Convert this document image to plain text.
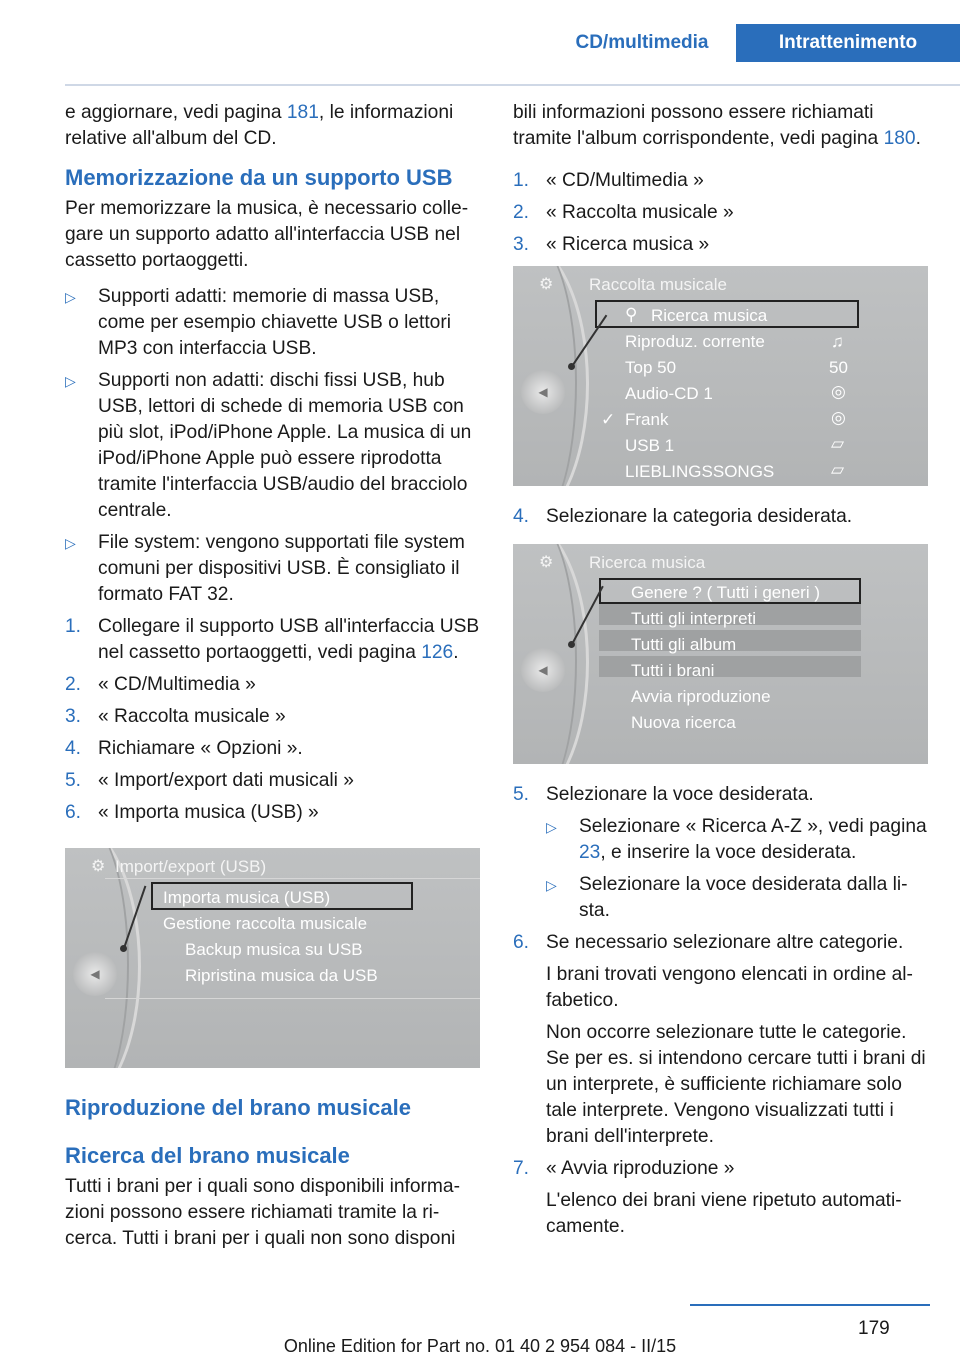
CD/multimedia	Intrattenimento

e aggiornare, vedi pagina 181, le informazioni relative all'album del CD.

Memorizzazione da un supporto USB

Per memorizzare la musica, è necessario collegare un supporto adatto all'interfaccia USB nel cassetto portaoggetti.

▷ Supporti adatti: memorie di massa USB, come per esempio chiavette USB o lettori MP3 con interfaccia USB.
▷ Supporti non adatti: dischi fissi USB, hub USB, lettori di schede di memoria USB con più slot, iPod/iPhone Apple. La musica di un iPod/iPhone Apple può essere riprodotta tramite l'interfaccia USB/audio del bracciolo centrale.
▷ File system: vengono supportati file system comuni per dispositivi USB. È consigliato il formato FAT 32.
1. Collegare il supporto USB all'interfaccia USB nel cassetto portaoggetti, vedi pagina 126.
2. « CD/Multimedia »
3. « Raccolta musicale »
4. Richiamare « Opzioni ».
5. « Import/export dati musicali »
6. « Importa musica (USB) »
⚙ Import/export (USB)
Importa musica (USB)
Gestione raccolta musicale
Backup musica su USB
Ripristina musica da USB
◀
Riproduzione del brano musicale
Ricerca del brano musicale

Tutti i brani per i quali sono disponibili informazioni possono essere richiamati tramite la ricerca. Tutti i brani per i quali non sono disponi

bili informazioni possono essere richiamati tramite l'album corrispondente, vedi pagina 180.

1. « CD/Multimedia »
2. « Raccolta musicale »
3. « Ricerca musica »
⚙ Raccolta musicale
⚲ Ricerca musica
Riproduz. corrente	♫
Top 50	50
Audio-CD 1	◎
✓ Frank	◎
USB 1	▱
LIEBLINGSSONGS	▱
◀
4. Selezionare la categoria desiderata.
⚙ Ricerca musica
Genere ? ( Tutti i generi )
Tutti gli interpreti
Tutti gli album
Tutti i brani
Avvia riproduzione
Nuova ricerca
◀
5. Selezionare la voce desiderata.
▷ Selezionare « Ricerca A-Z », vedi pagina 23, e inserire la voce desiderata.
▷ Selezionare la voce desiderata dalla lista.
6. Se necessario selezionare altre categorie.
I brani trovati vengono elencati in ordine alfabetico.
Non occorre selezionare tutte le categorie. Se per es. si intendono cercare tutti i brani di un interprete, è sufficiente richiamare solo tale interprete. Vengono visualizzati tutti i brani dell'interprete.
7. « Avvia riproduzione »
L'elenco dei brani viene ripetuto automaticamente.
179
Online Edition for Part no. 01 40 2 954 084 - II/15
